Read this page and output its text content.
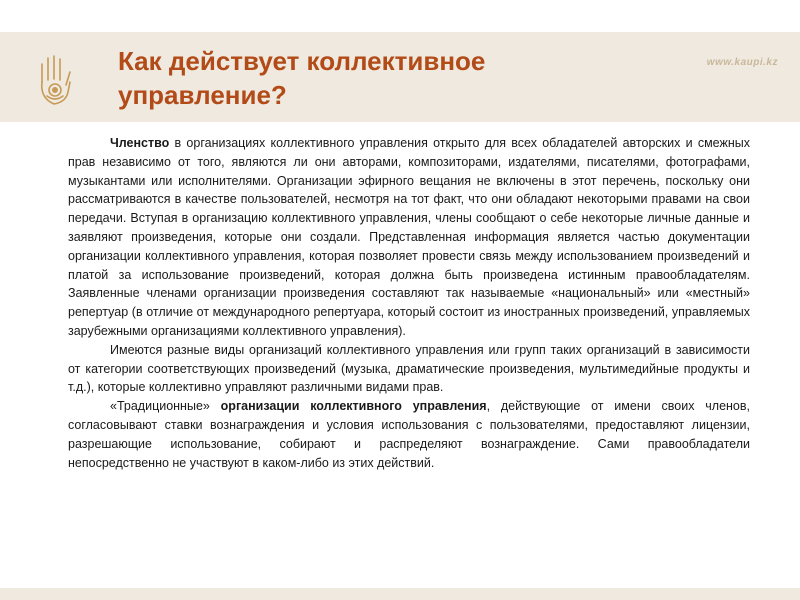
Как действует коллективное управление?
www.kaupi.kz

Членство в организациях коллективного управления открыто для всех обладателей авторских и смежных прав независимо от того, являются ли они авторами, композиторами, издателями, писателями, фотографами, музыкантами или исполнителями. Организации эфирного вещания не включены в этот перечень, поскольку они рассматриваются в качестве пользователей, несмотря на тот факт, что они обладают некоторыми правами на свои передачи. Вступая в организацию коллективного управления, члены сообщают о себе некоторые личные данные и заявляют произведения, которые они создали. Представленная информация является частью документации организации коллективного управления, которая позволяет провести связь между использованием произведений и платой за использование произведений, которая должна быть произведена истинным правообладателям. Заявленные членами организации произведения составляют так называемые «национальный» или «местный» репертуар (в отличие от международного репертуара, который состоит из иностранных произведений, управляемых зарубежными организациями коллективного управления).

Имеются разные виды организаций коллективного управления или групп таких организаций в зависимости от категории соответствующих произведений (музыка, драматические произведения, мультимедийные продукты и т.д.), которые коллективно управляют различными видами прав.

«Традиционные» организации коллективного управления, действующие от имени своих членов, согласовывают ставки вознаграждения и условия использования с пользователями, предоставляют лицензии, разрешающие использование, собирают и распределяют вознаграждение. Сами правообладатели непосредственно не участвуют в каком-либо из этих действий.
